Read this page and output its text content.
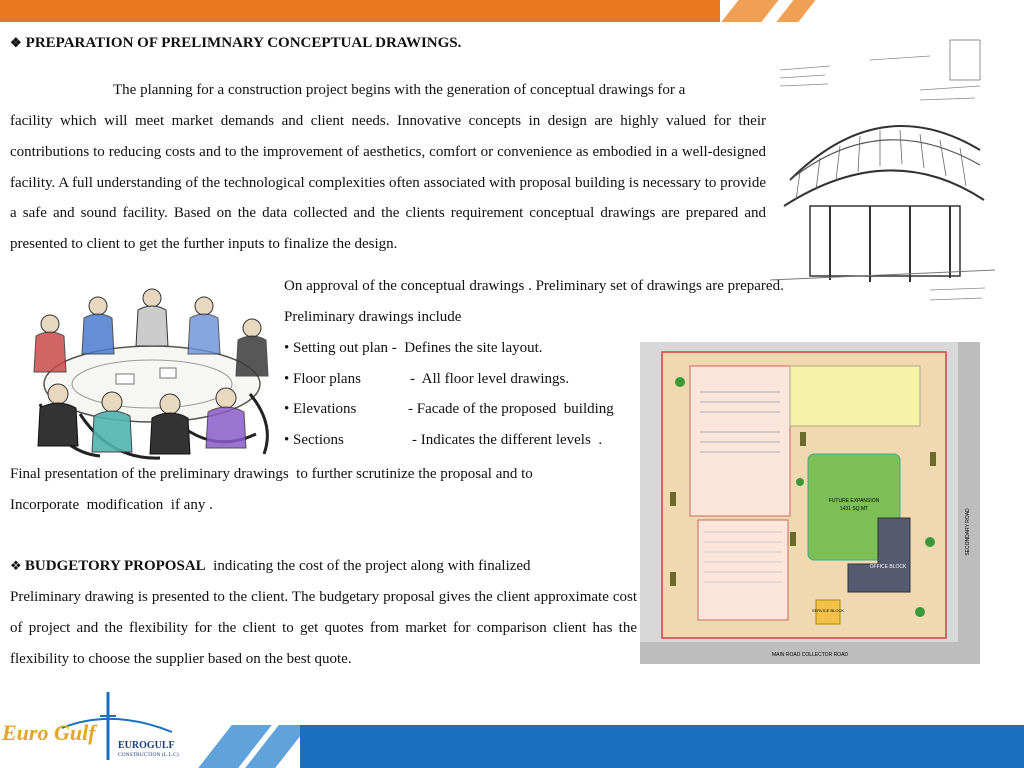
❖ PREPARATION OF PRELIMNARY CONCEPTUAL DRAWINGS.
The planning for a construction project begins with the generation of conceptual drawings for a
facility which will meet market demands and client needs. Innovative concepts in design are highly valued for their contributions to reducing costs and to the improvement of aesthetics, comfort or convenience as embodied in a well-designed facility. A full understanding of the technological complexities often associated with proposal building is necessary to provide a safe and sound facility. Based on the data collected and the clients requirement conceptual drawings are prepared and presented to client to get the further inputs to finalize the design.
On approval of the conceptual drawings . Preliminary set of drawings are prepared.
Preliminary drawings include
• Setting out plan - Defines the site layout.
• Floor plans	-  All floor level drawings.
• Elevations	- Facade of the proposed  building
• Sections	- Indicates the different levels  .
Final presentation of the preliminary drawings  to further scrutinize the proposal and to
Incorporate  modification  if any .
❖ BUDGETORY PROPOSAL indicating the cost of the project along with finalized
Preliminary drawing is presented to the client. The budgetary proposal gives the client approximate cost of project and the flexibility for the client to get quotes from market for comparison client has the flexibility to choose the supplier based on the best quote.
FUTURE EXPANSION
1431 SQ.MT
OFFICE BLOCK
SERVICE BLOCK
SECONDARY ROAD
MAIN ROAD COLLECTOR ROAD
Euro Gulf
EUROGULF
CONSTRUCTION (L.L.C)
